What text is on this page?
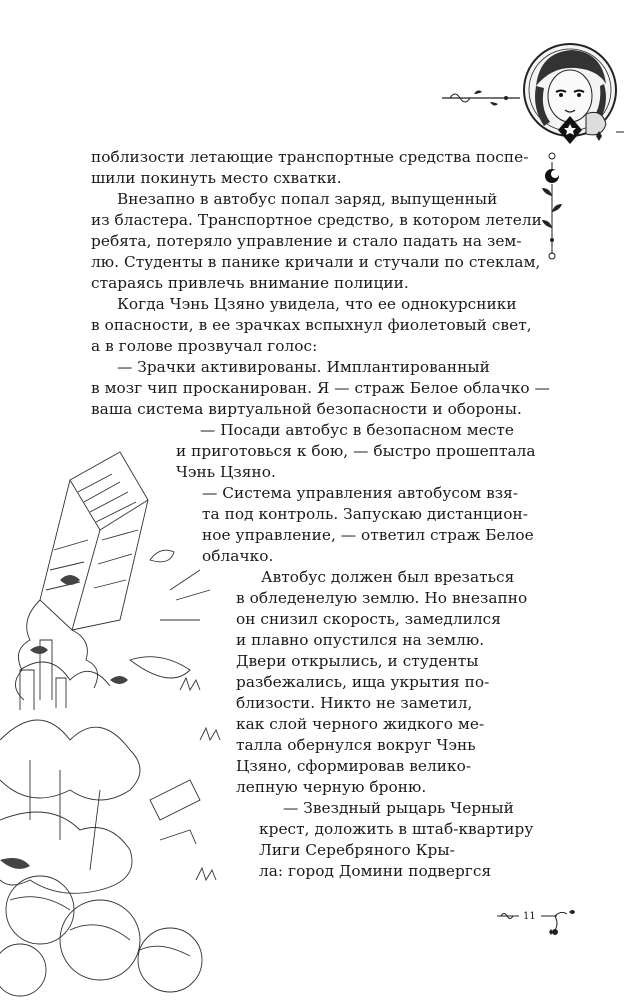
поблизости летающие транспортные средства поспе-
шили покинуть место схватки.
Внезапно в автобус попал заряд, выпущенный
из бластера. Транспортное средство, в котором летели
ребята, потеряло управление и стало падать на зем-
лю. Студенты в панике кричали и стучали по стеклам,
стараясь привлечь внимание полиции.
Когда Чэнь Цзяно увидела, что ее однокурсники
в опасности, в ее зрачках вспыхнул фиолетовый свет,
а в голове прозвучал голос:
— Зрачки активированы. Имплантированный
в мозг чип просканирован. Я — страж Белое облачко —
ваша система виртуальной безопасности и обороны.
— Посади автобус в безопасном месте
и приготовься к бою, — быстро прошептала
Чэнь Цзяно.
— Система управления автобусом взя-
та под контроль. Запускаю дистанцион-
ное управление, — ответил страж Белое
облачко.
Автобус должен был врезаться
в обледенелую землю. Но внезапно
он снизил скорость, замедлился
и плавно опустился на землю.
Двери открылись, и студенты
разбежались, ища укрытия по-
близости. Никто не заметил,
как слой черного жидкого ме-
талла обернулся вокруг Чэнь
Цзяно, сформировав велико-
лепную черную броню.
— Звездный рыцарь Черный
крест, доложить в штаб-квартиру
Лиги Серебряного Кры-
ла: город Домини подвергся
11
